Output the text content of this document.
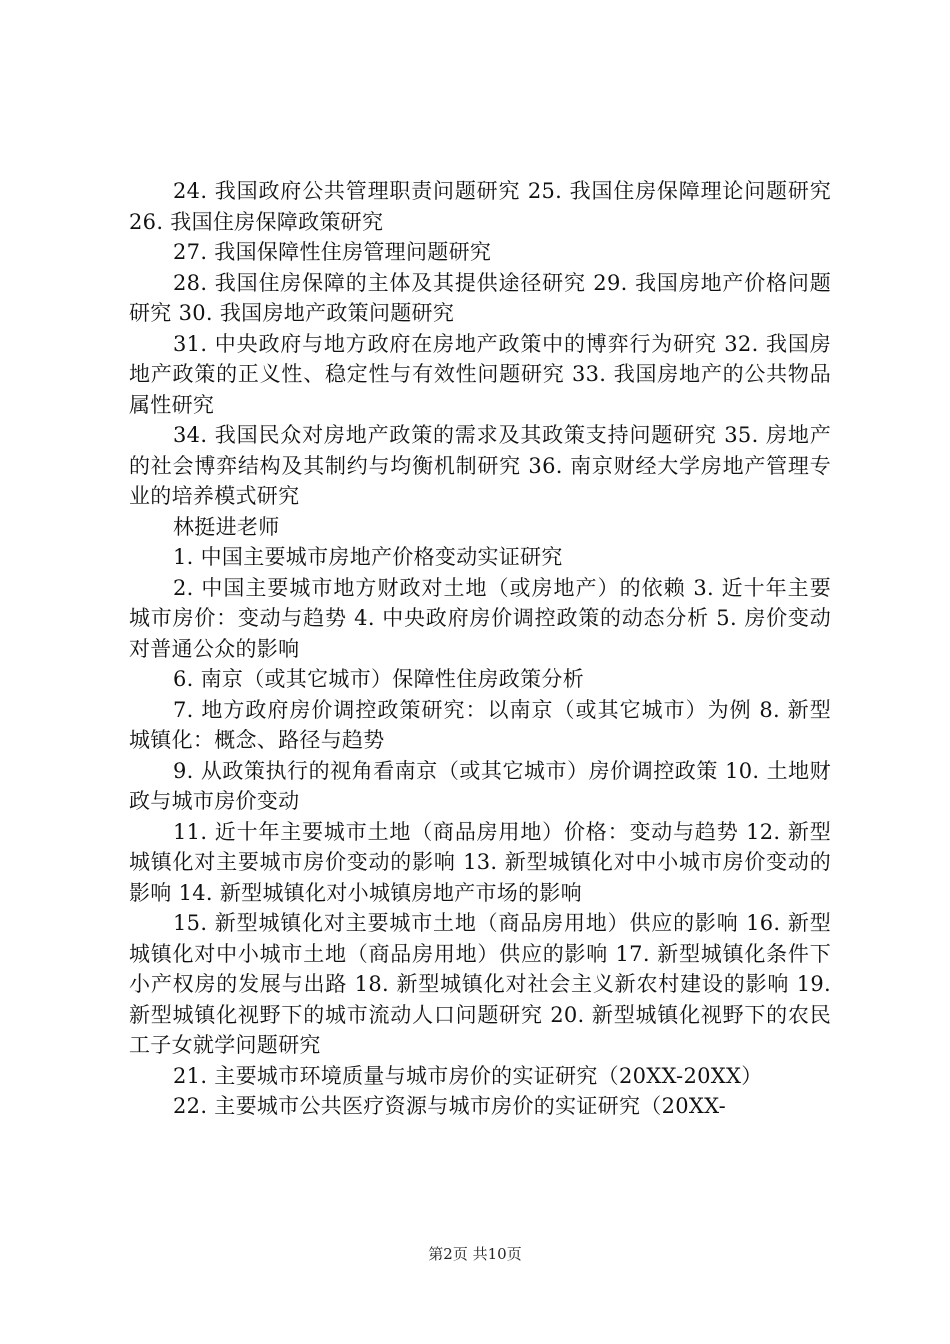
24. 我国政府公共管理职责问题研究 25. 我国住房保障理论问题研究 26. 我国住房保障政策研究

27. 我国保障性住房管理问题研究

28. 我国住房保障的主体及其提供途径研究 29. 我国房地产价格问题研究 30. 我国房地产政策问题研究

31. 中央政府与地方政府在房地产政策中的博弈行为研究 32. 我国房地产政策的正义性、稳定性与有效性问题研究 33. 我国房地产的公共物品属性研究

34. 我国民众对房地产政策的需求及其政策支持问题研究 35. 房地产的社会博弈结构及其制约与均衡机制研究 36. 南京财经大学房地产管理专业的培养模式研究

林挺进老师

1. 中国主要城市房地产价格变动实证研究

2. 中国主要城市地方财政对土地（或房地产）的依赖 3. 近十年主要城市房价：变动与趋势 4. 中央政府房价调控政策的动态分析 5. 房价变动对普通公众的影响

6. 南京（或其它城市）保障性住房政策分析

7. 地方政府房价调控政策研究：以南京（或其它城市）为例 8. 新型城镇化：概念、路径与趋势

9. 从政策执行的视角看南京（或其它城市）房价调控政策 10. 土地财政与城市房价变动

11. 近十年主要城市土地（商品房用地）价格：变动与趋势 12. 新型城镇化对主要城市房价变动的影响 13. 新型城镇化对中小城市房价变动的影响 14. 新型城镇化对小城镇房地产市场的影响

15. 新型城镇化对主要城市土地（商品房用地）供应的影响 16. 新型城镇化对中小城市土地（商品房用地）供应的影响 17. 新型城镇化条件下小产权房的发展与出路 18. 新型城镇化对社会主义新农村建设的影响 19. 新型城镇化视野下的城市流动人口问题研究 20. 新型城镇化视野下的农民工子女就学问题研究

21. 主要城市环境质量与城市房价的实证研究（20XX-20XX）

22. 主要城市公共医疗资源与城市房价的实证研究（20XX-

第2页 共10页
